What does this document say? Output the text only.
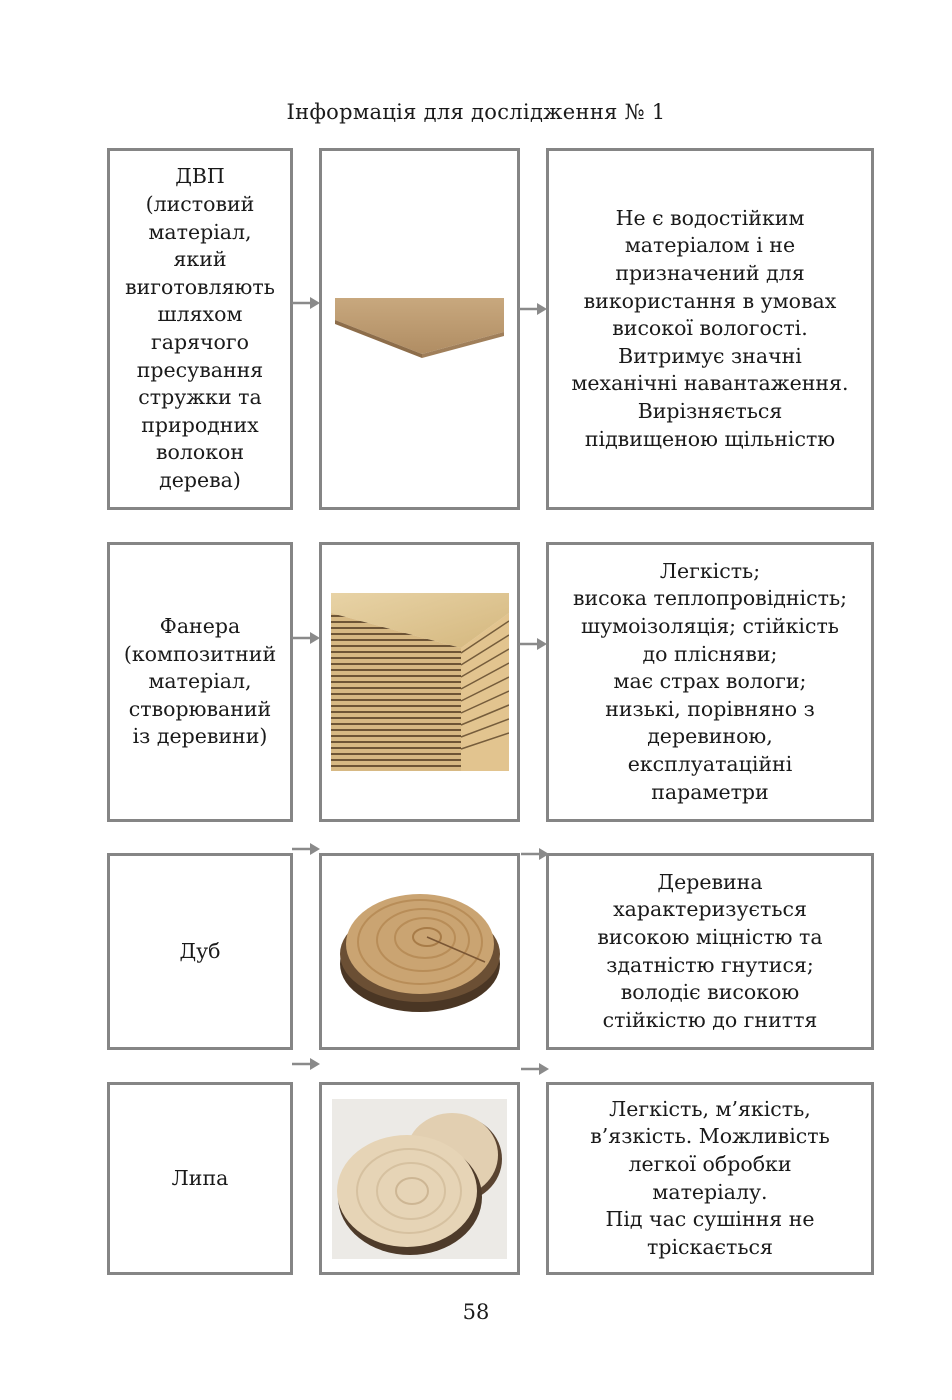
Інформація для дослідження № 1
ДВП
(листовий
матеріал,
який
виготовляють
шляхом
гарячого
пресування
стружки та
природних
волокон
дерева)
Не є водостійким
матеріалом і не
призначений для
використання в умовах
високої вологості.
Витримує значні
механічні навантаження.
Вирізняється
підвищеною щільністю
Фанера
(композитний
матеріал,
створюваний
із деревини)
Легкість;
висока теплопровідність;
шумоізоляція; стійкість
до плісняви;
має страх вологи;
низькі, порівняно з
деревиною,
експлуатаційні
параметри
Дуб
Деревина
характеризується
високою міцністю та
здатністю гнутися;
володіє високою
стійкістю до гниття
Липа
Легкість, м’якість,
в’язкість. Можливість
легкої обробки
матеріалу.
Під час сушіння не
тріскається
58
